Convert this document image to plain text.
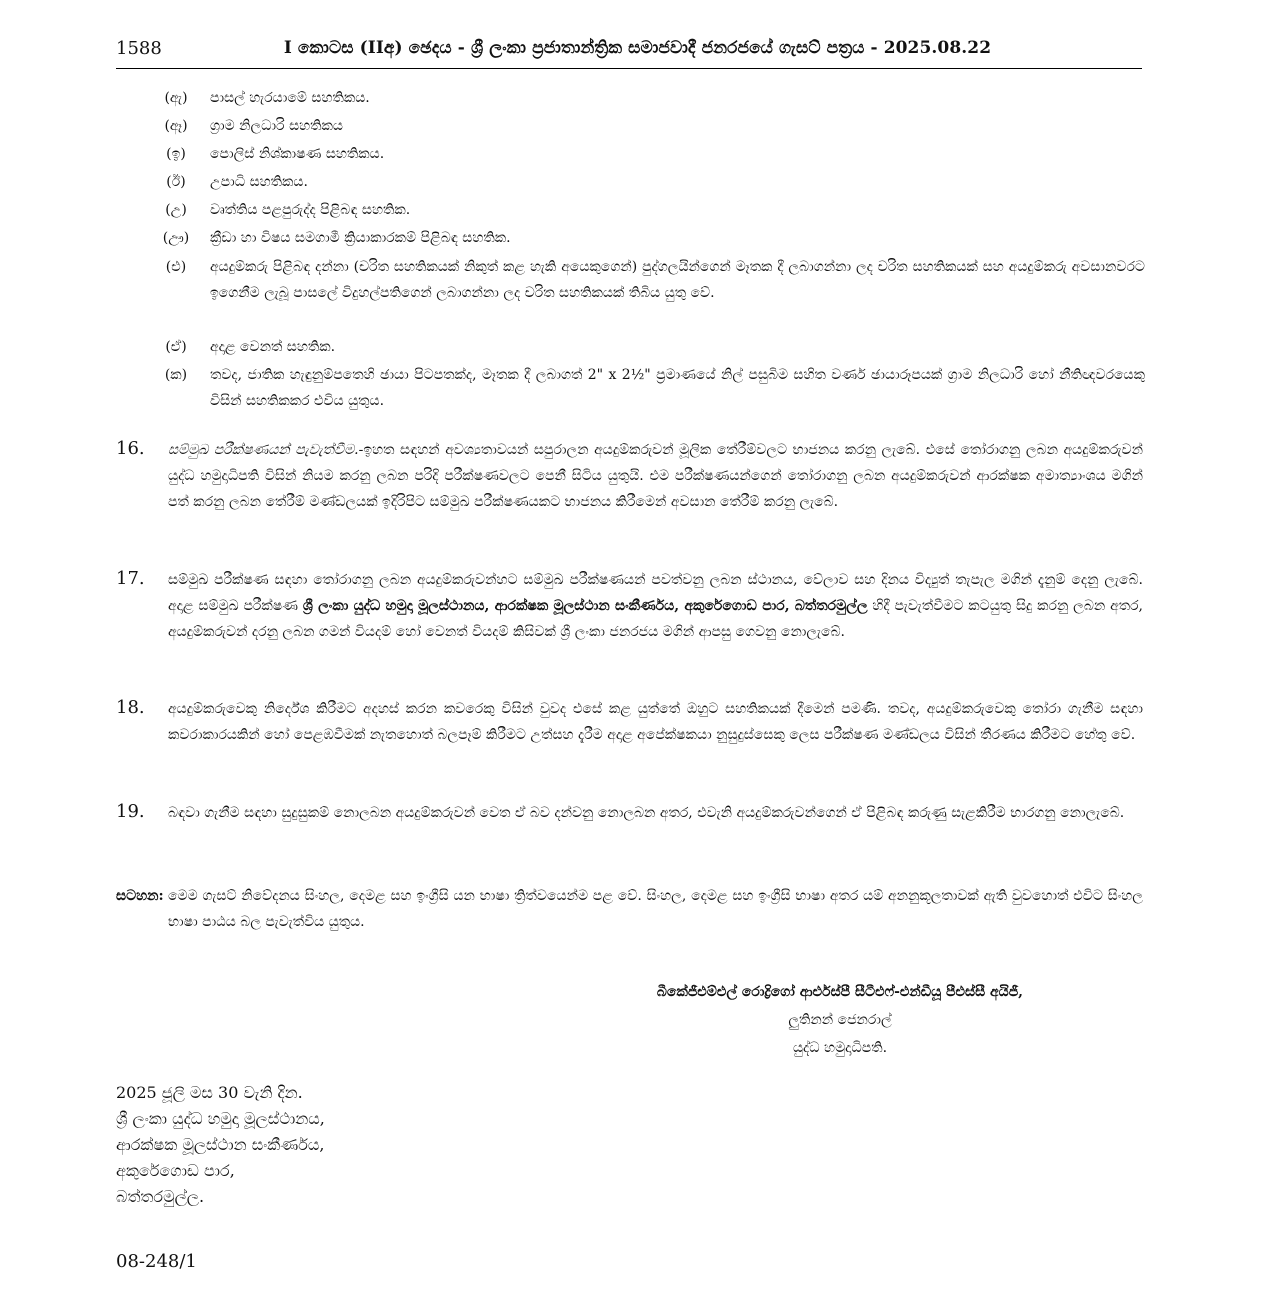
1588	I කොටස (IIඅ) ඡෙදය - ශ්‍රී ලංකා ප්‍රජාතාන්ත්‍රික සමාජවාදී ජනරජයේ ගැසට් පත්‍රය - 2025.08.22
(ඇ)	පාසල් හැරයාමේ සහතිකය.
(ඈ)	ග්‍රාම නිලධාරි සහතිකය
(ඉ)	පොලිස් නිශ්කාෂණ සහතිකය.
(ඊ)	උපාධි සහතිකය.
(උ)	වෘත්තිය පළපුරුද්ද පිළිබඳ සහතික.
(ඌ)	ක්‍රීඩා හා විෂය සමගාමී ක්‍රියාකාරකම් පිළිබඳ සහතික.
(එ)	අයදුම්කරු පිළිබඳ දන්නා (චරිත සහතිකයක් නිකුත් කළ හැකි අයෙකුගෙන්) පුද්ගලයින්ගෙන් මෑතක දී ලබාගන්නා ලද චරිත සහතිකයක් සහ අයදුම්කරු අවසානවරට ඉගෙනීම ලැබූ පාසලේ විදුහල්පතිගෙන් ලබාගන්නා ලද චරිත සහතිකයක් තිබිය යුතු වේ.
(ඒ)	අදාළ වෙනත් සහතික.
(ක)	තවද, ජාතික හැඳුනුම්පතෙහි ඡායා පිටපතක්ද, මෑතක දී ලබාගත් 2" x 2½" ප්‍රමාණයේ නිල් පසුබිම සහිත වර්ණ ඡායාරූපයක් ග්‍රාම නිලධාරි හෝ නීතිඥවරයෙකු විසින් සහතිකකර එවිය යුතුය.
16. සම්මුඛ පරීක්ෂණයන් පැවැත්වීම.-ඉහත සඳහන් අවශ්‍යතාවයන් සපුරාලන අයදුම්කරුවන් මූලික තේරීම්වලට භාජනය කරනු ලැබේ. එසේ තෝරාගනු ලබන අයදුම්කරුවන් යුද්ධ හමුදාධිපති විසින් නියම කරනු ලබන පරිදි පරීක්ෂණවලට පෙනී සිටිය යුතුයි. එම පරීක්ෂණයන්ගෙන් තෝරාගනු ලබන අයදුම්කරුවන් ආරක්ෂක අමාත්‍යාංශය මගින් පත් කරනු ලබන තේරීම් මණ්ඩලයක් ඉදිරිපිට සම්මුඛ පරීක්ෂණයකට භාජනය කිරීමෙන් අවසාන තේරීම් කරනු ලැබේ.
17. සම්මුඛ පරීක්ෂණ සඳහා තෝරාගනු ලබන අයදුම්කරුවන්හට සම්මුඛ පරීක්ෂණයන් පවත්වනු ලබන ස්ථානය, වේලාව සහ දිනය විද්‍යුත් තැපැල මගින් දැනුම් දෙනු ලැබේ. අදාළ සම්මුඛ පරීක්ෂණ ශ්‍රී ලංකා යුද්ධ හමුදා මූලස්ථානය, ආරක්ෂක මූලස්ථාන සංකීර්ණය, අකුරේගොඩ පාර, බත්තරමුල්ල හිදී පැවැත්වීමට කටයුතු සිදු කරනු ලබන අතර, අයදුම්කරුවන් දරනු ලබන ගමන් වියදම් හෝ වෙනත් වියදම් කිසිවක් ශ්‍රී ලංකා ජනරජය මගින් ආපසු ගෙවනු නොලැබේ.
18. අයදුම්කරුවෙකු නිර්දේශ කිරීමට අදහස් කරන කවරෙකු විසින් වුවද එසේ කළ යුත්තේ ඔහුට සහතිකයක් දීමෙන් පමණි. තවද, අයදුම්කරුවෙකු තෝරා ගැනීම සඳහා කවරාකාරයකින් හෝ පෙළඹවීමක් නැතහොත් බලපෑම් කිරීමට උත්සහ දැරීම අදාළ අපේක්ෂකයා නුසුදුස්සෙකු ලෙස පරීක්ෂණ මණ්ඩලය විසින් තීරණය කිරීමට හේතු වේ.
19. බඳවා ගැනීම සඳහා සුදුසුකම් නොලබන අයදුම්කරුවන් වෙත ඒ බව දන්වනු නොලබන අතර, එවැනි අයදුම්කරුවන්ගෙන් ඒ පිළිබඳ කරුණු සැළකිරීම භාරගනු නොලැබේ.
සටහන: මෙම ගැසට් නිවේදනය සිංහල, දෙමළ සහ ඉංග්‍රීසි යන භාෂා ත්‍රිත්වයෙන්ම පළ වේ. සිංහල, දෙමළ සහ ඉංග්‍රීසි භාෂා අතර යම් අනනුකූලතාවක් ඇති වුවහොත් එවිට සිංහල භාෂා පාඨය බල පැවැත්විය යුතුය.
බීකේජීඑම්එල් රොද්‍රිගෝ ආර්එස්පී සීටීඑෆ්-එන්ඩීයූ පීඑස්සී අයිජී,
ලුතිනන් ජෙනරාල්
යුද්ධ හමුදාධිපති.
2025 ජූලි මස 30 වැනි දින.
ශ්‍රී ලංකා යුද්ධ හමුදා මූලස්ථානය,
ආරක්ෂක මූලස්ථාන සංකීර්ණය,
අකුරේගොඩ පාර,
බත්තරමුල්ල.
08-248/1
